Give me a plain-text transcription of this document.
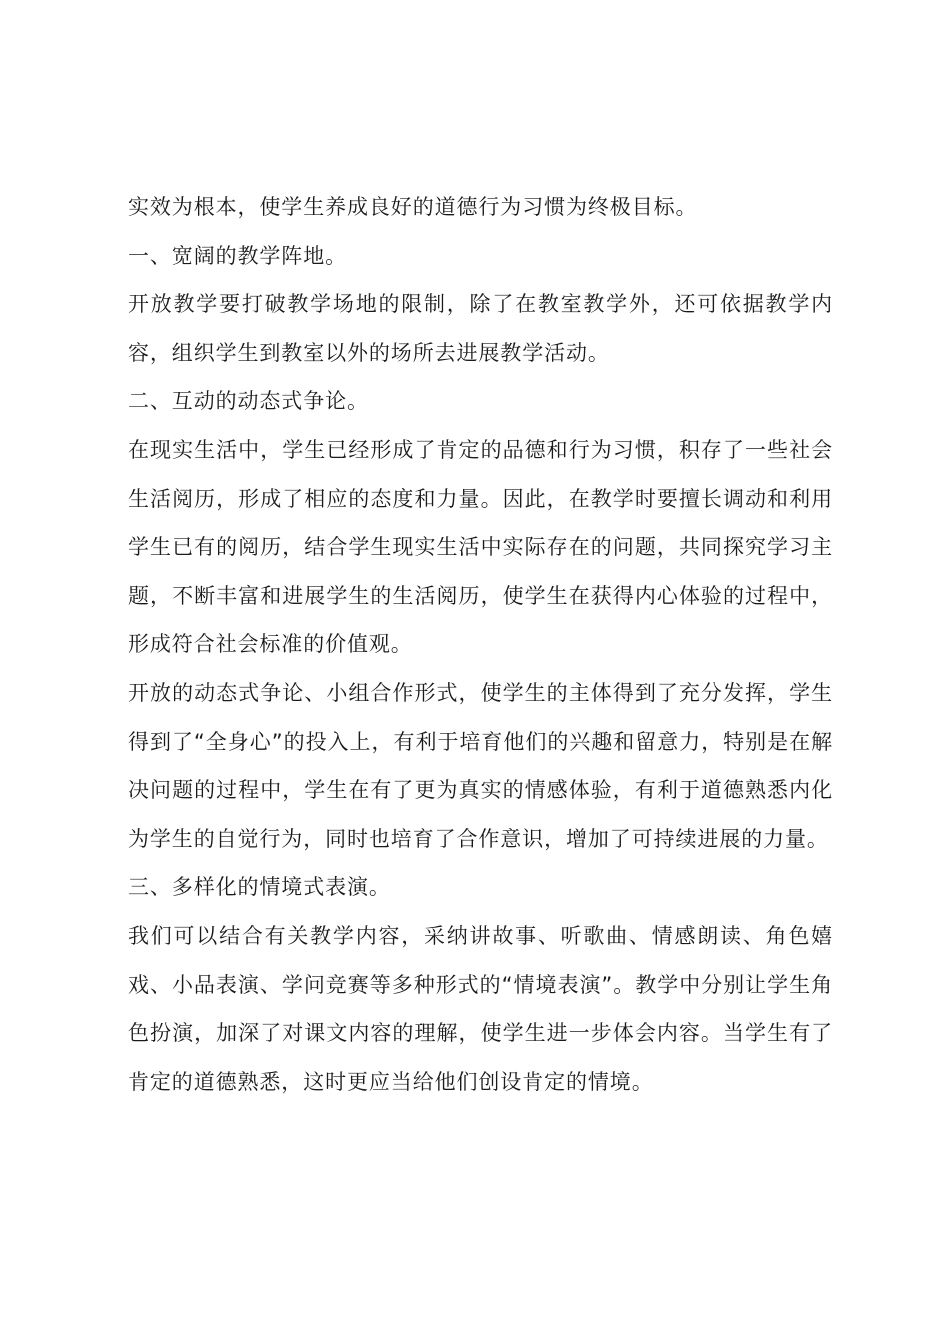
实效为根本，使学生养成良好的道德行为习惯为终极目标。

一、宽阔的教学阵地。

开放教学要打破教学场地的限制，除了在教室教学外，还可依据教学内容，组织学生到教室以外的场所去进展教学活动。

二、互动的动态式争论。

在现实生活中，学生已经形成了肯定的品德和行为习惯，积存了一些社会生活阅历，形成了相应的态度和力量。因此，在教学时要擅长调动和利用学生已有的阅历，结合学生现实生活中实际存在的问题，共同探究学习主题，不断丰富和进展学生的生活阅历，使学生在获得内心体验的过程中，形成符合社会标准的价值观。

开放的动态式争论、小组合作形式，使学生的主体得到了充分发挥，学生得到了“全身心”的投入上，有利于培育他们的兴趣和留意力，特别是在解决问题的过程中，学生在有了更为真实的情感体验，有利于道德熟悉内化为学生的自觉行为，同时也培育了合作意识，增加了可持续进展的力量。

三、多样化的情境式表演。

我们可以结合有关教学内容，采纳讲故事、听歌曲、情感朗读、角色嬉戏、小品表演、学问竞赛等多种形式的“情境表演”。教学中分别让学生角色扮演，加深了对课文内容的理解，使学生进一步体会内容。当学生有了肯定的道德熟悉，这时更应当给他们创设肯定的情境。
